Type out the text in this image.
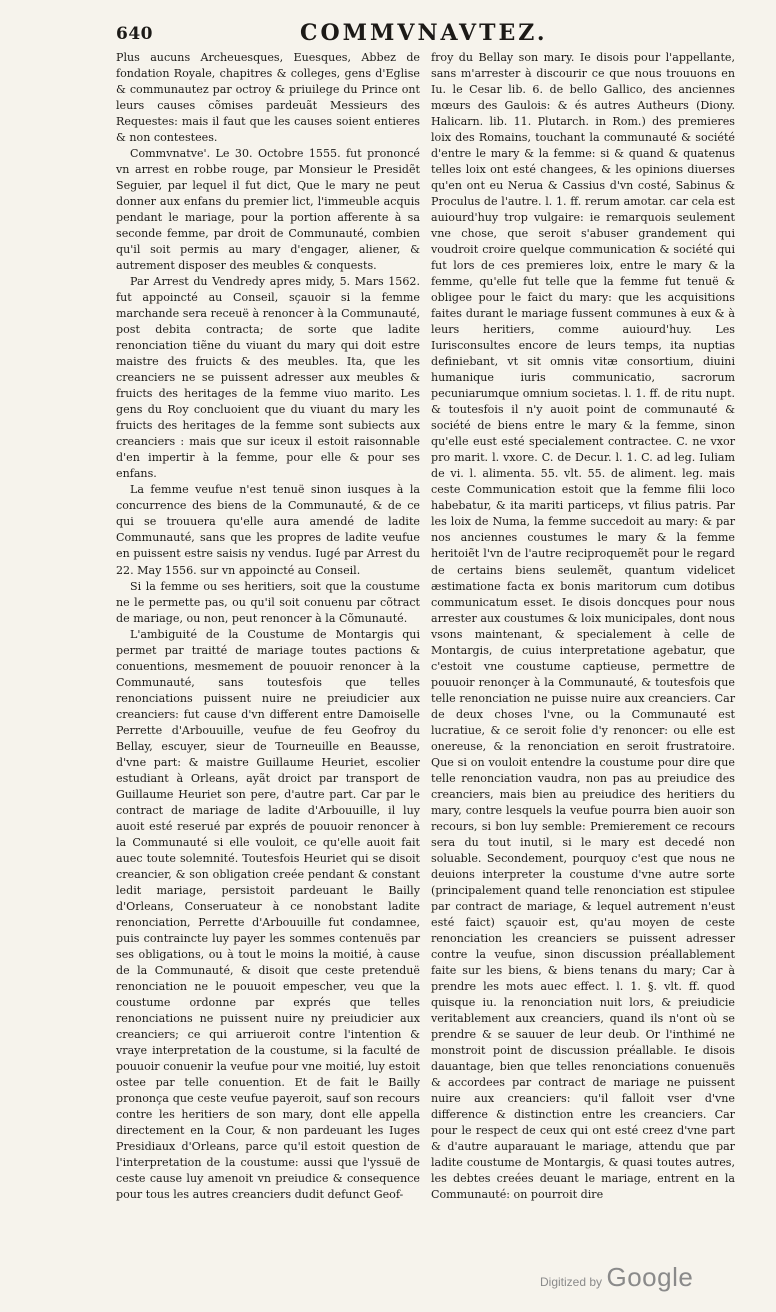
640	COMMVNAVTEZ.

Plus aucuns Archeuesques, Euesques, Abbez de fondation Royale, chapitres & colleges, gens d'Eglise & communautez par octroy & priuilege du Prince ont leurs causes cõmises pardeuãt Messieurs des Requestes: mais il faut que les causes soient entieres & non contestees.

Commvnatve'. Le 30. Octobre 1555. fut prononcé vn arrest en robbe rouge, par Monsieur le Presidẽt Seguier, par lequel il fut dict, Que le mary ne peut donner aux enfans du premier lict, l'immeuble acquis pendant le mariage, pour la portion afferente à sa seconde femme, par droit de Communauté, combien qu'il soit permis au mary d'engager, aliener, & autrement disposer des meubles & conquests.

Par Arrest du Vendredy apres midy, 5. Mars 1562. fut appoincté au Conseil, sçauoir si la femme marchande sera receuë à renoncer à la Communauté, post debita contracta; de sorte que ladite renonciation tiẽne du viuant du mary qui doit estre maistre des fruicts & des meubles. Ita, que les creanciers ne se puissent adresser aux meubles & fruicts des heritages de la femme viuo marito. Les gens du Roy concluoient que du viuant du mary les fruicts des heritages de la femme sont subiects aux creanciers : mais que sur iceux il estoit raisonnable d'en impertir à la femme, pour elle & pour ses enfans.

La femme veufue n'est tenuë sinon iusques à la concurrence des biens de la Communauté, & de ce qui se trouuera qu'elle aura amendé de ladite Communauté, sans que les propres de ladite veufue en puissent estre saisis ny vendus. Iugé par Arrest du 22. May 1556. sur vn appoincté au Conseil.

Si la femme ou ses heritiers, soit que la coustume ne le permette pas, ou qu'il soit conuenu par cõtract de mariage, ou non, peut renoncer à la Cõmunauté.

L'ambiguité de la Coustume de Montargis qui permet par traitté de mariage toutes pactions & conuentions, mesmement de pouuoir renoncer à la Communauté, sans toutesfois que telles renonciations puissent nuire ne preiudicier aux creanciers: fut cause d'vn different entre Damoiselle Perrette d'Arbouuille, veufue de feu Geofroy du Bellay, escuyer, sieur de Tourneuille en Beausse, d'vne part: & maistre Guillaume Heuriet, escolier estudiant à Orleans, ayãt droict par transport de Guillaume Heuriet son pere, d'autre part. Car par le contract de mariage de ladite d'Arbouuille, il luy auoit esté reserué par exprés de pouuoir renoncer à la Communauté si elle vouloit, ce qu'elle auoit fait auec toute solemnité. Toutesfois Heuriet qui se disoit creancier, & son obligation creée pendant & constant ledit mariage, persistoit pardeuant le Bailly d'Orleans, Conseruateur à ce nonobstant ladite renonciation, Perrette d'Arbouuille fut condamnee, puis contraincte luy payer les sommes contenuës par ses obligations, ou à tout le moins la moitié, à cause de la Communauté, & disoit que ceste pretenduë renonciation ne le pouuoit empescher, veu que la coustume ordonne par exprés que telles renonciations ne puissent nuire ny preiudicier aux creanciers; ce qui arriueroit contre l'intention & vraye interpretation de la coustume, si la faculté de pouuoir conuenir la veufue pour vne moitié, luy estoit ostee par telle conuention. Et de fait le Bailly prononça que ceste veufue payeroit, sauf son recours contre les heritiers de son mary, dont elle appella directement en la Cour, & non pardeuant les Iuges Presidiaux d'Orleans, parce qu'il estoit question de l'interpretation de la coustume: aussi que l'yssuë de ceste cause luy amenoit vn preiudice & consequence pour tous les autres creanciers dudit defunct Geof-

froy du Bellay son mary. Ie disois pour l'appellante, sans m'arrester à discourir ce que nous trouuons en Iu. le Cesar lib. 6. de bello Gallico, des anciennes mœurs des Gaulois: & és autres Autheurs (Diony. Halicarn. lib. 11. Plutarch. in Rom.) des premieres loix des Romains, touchant la communauté & société d'entre le mary & la femme: si & quand & quatenus telles loix ont esté changees, & les opinions diuerses qu'en ont eu Nerua & Cassius d'vn costé, Sabinus & Proculus de l'autre. l. 1. ff. rerum amotar. car cela est auiourd'huy trop vulgaire: ie remarquois seulement vne chose, que seroit s'abuser grandement qui voudroit croire quelque communication & société qui fut lors de ces premieres loix, entre le mary & la femme, qu'elle fut telle que la femme fut tenuë & obligee pour le faict du mary: que les acquisitions faites durant le mariage fussent communes à eux & à leurs heritiers, comme auiourd'huy. Les Iurisconsultes encore de leurs temps, ita nuptias definiebant, vt sit omnis vitæ consortium, diuini humanique iuris communicatio, sacrorum pecuniarumque omnium societas. l. 1. ff. de ritu nupt. & toutesfois il n'y auoit point de communauté & société de biens entre le mary & la femme, sinon qu'elle eust esté specialement contractee. C. ne vxor pro marit. l. vxore. C. de Decur. l. 1. C. ad leg. Iuliam de vi. l. alimenta. 55. vlt. 55. de aliment. leg. mais ceste Communication estoit que la femme filii loco habebatur, & ita mariti particeps, vt filius patris. Par les loix de Numa, la femme succedoit au mary: & par nos anciennes coustumes le mary & la femme heritoiẽt l'vn de l'autre reciproquemẽt pour le regard de certains biens seulemẽt, quantum videlicet æstimatione facta ex bonis maritorum cum dotibus communicatum esset. Ie disois doncques pour nous arrester aux coustumes & loix municipales, dont nous vsons maintenant, & specialement à celle de Montargis, de cuius interpretatione agebatur, que c'estoit vne coustume captieuse, permettre de pouuoir renonçer à la Communauté, & toutesfois que telle renonciation ne puisse nuire aux creanciers. Car de deux choses l'vne, ou la Communauté est lucratiue, & ce seroit folie d'y renoncer: ou elle est onereuse, & la renonciation en seroit frustratoire. Que si on vouloit entendre la coustume pour dire que telle renonciation vaudra, non pas au preiudice des creanciers, mais bien au preiudice des heritiers du mary, contre lesquels la veufue pourra bien auoir son recours, si bon luy semble: Premierement ce recours sera du tout inutil, si le mary est decedé non soluable. Secondement, pourquoy c'est que nous ne deuions interpreter la coustume d'vne autre sorte (principalement quand telle renonciation est stipulee par contract de mariage, & lequel autrement n'eust esté faict) sçauoir est, qu'au moyen de ceste renonciation les creanciers se puissent adresser contre la veufue, sinon discussion préallablement faite sur les biens, & biens tenans du mary; Car à prendre les mots auec effect. l. 1. §. vlt. ff. quod quisque iu. la renonciation nuit lors, & preiudicie veritablement aux creanciers, quand ils n'ont où se prendre & se sauuer de leur deub. Or l'inthimé ne monstroit point de discussion préallable. Ie disois dauantage, bien que telles renonciations conuenuës & accordees par contract de mariage ne puissent nuire aux creanciers: qu'il falloit vser d'vne difference & distinction entre les creanciers. Car pour le respect de ceux qui ont esté creez d'vne part & d'autre auparauant le mariage, attendu que par ladite coustume de Montargis, & quasi toutes autres, les debtes creées deuant le mariage, entrent en la Communauté: on pourroit dire

Digitized by Google
